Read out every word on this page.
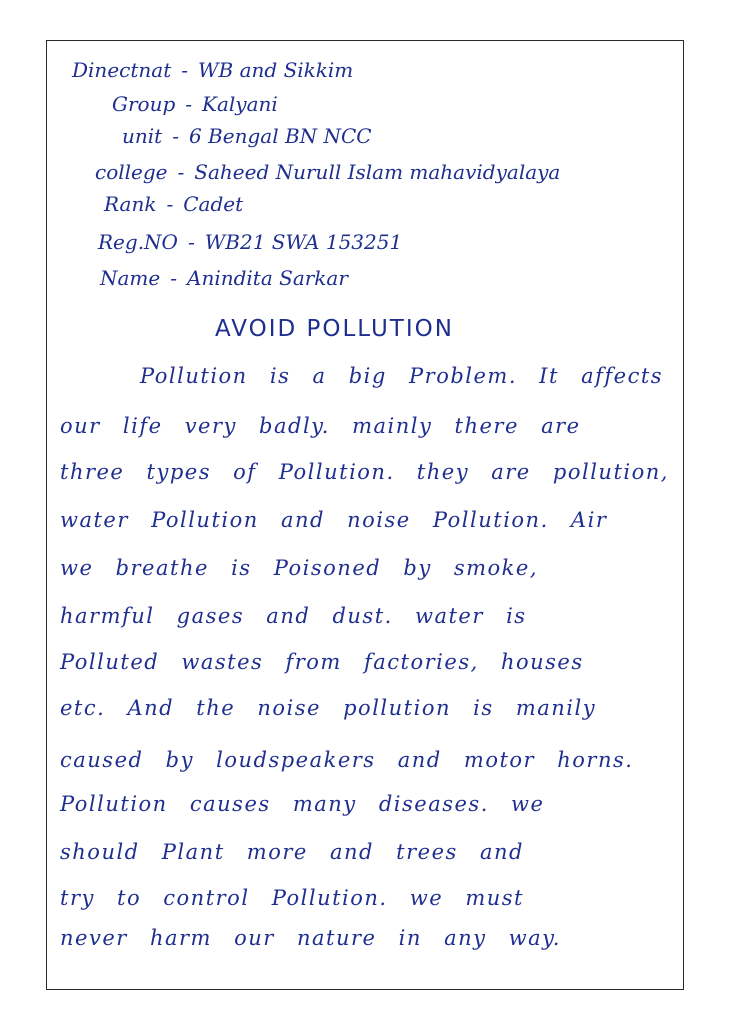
Dinectnat - WB and Sikkim
Group - Kalyani
unit - 6 Bengal BN NCC
college - Saheed Nurull Islam mahavidyalaya
Rank - Cadet
Reg.NO - WB21 SWA 153251
Name - Anindita Sarkar
AVOID POLLUTION
Pollution is a big Problem. It affects
our life very badly. mainly there are
three types of Pollution. they are pollution,
water Pollution and noise Pollution. Air
we breathe is Poisoned by smoke,
harmful gases and dust. water is
Polluted wastes from factories, houses
etc. And the noise pollution is manily
caused by loudspeakers and motor horns.
Pollution causes many diseases. we
should Plant more and trees and
try to control Pollution. we must
never harm our nature in any way.
